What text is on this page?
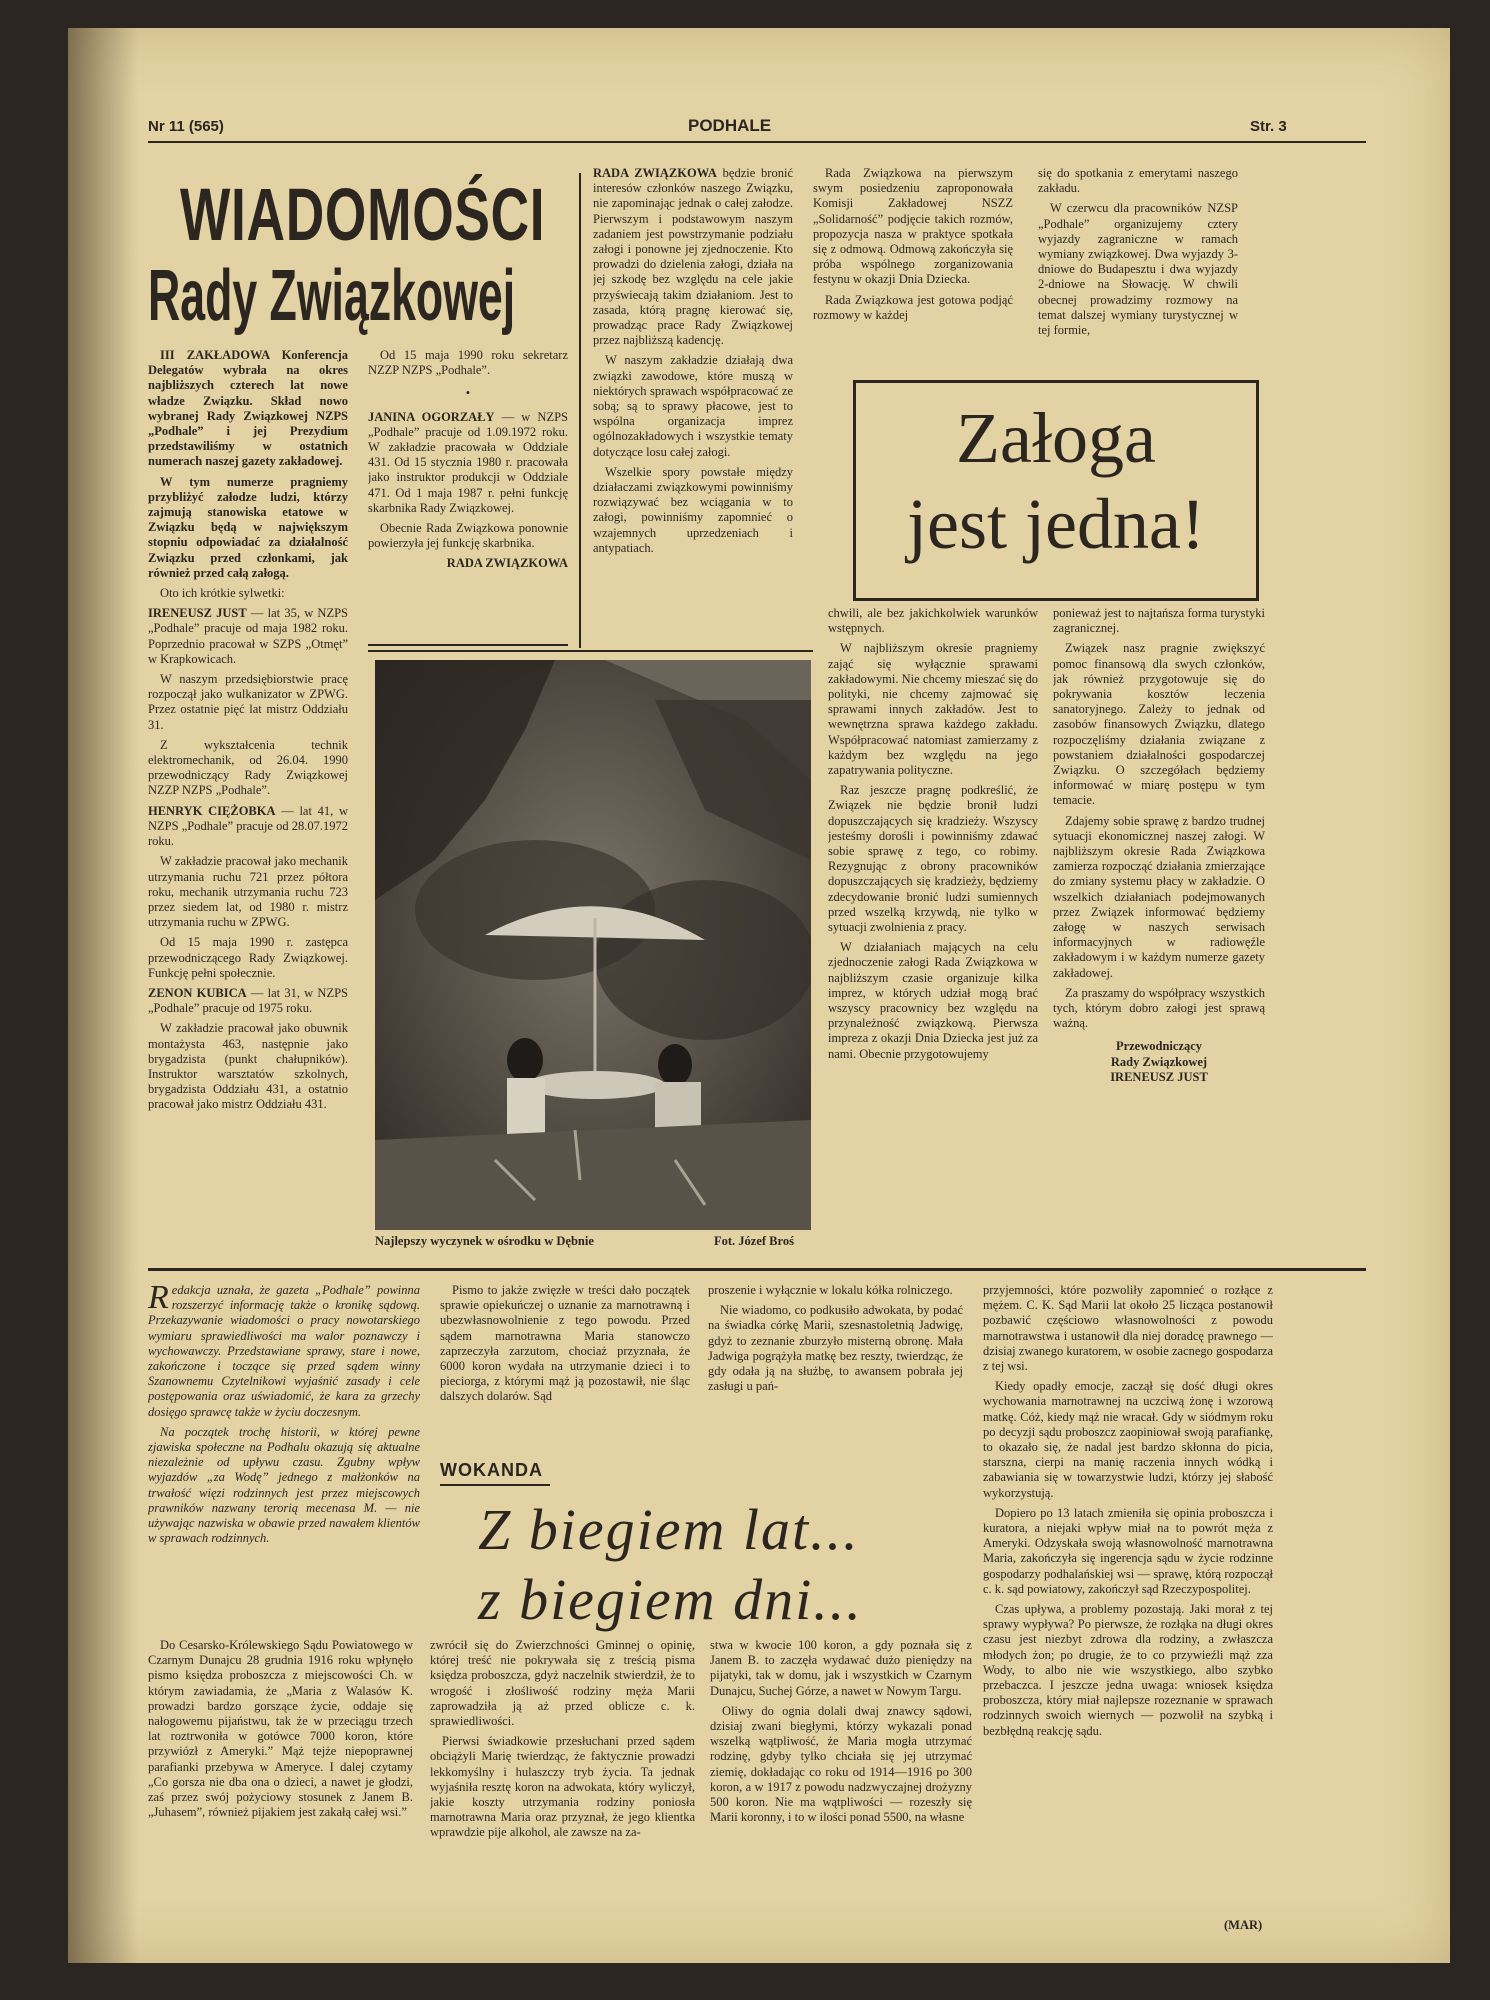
Nr 11 (565)	PODHALE	Str. 3
WIADOMOŚCI
Rady Związkowej

III ZAKŁADOWA Konferencja Delegatów wybrała na okres najbliższych czterech lat nowe władze Związku. Skład nowo wybranej Rady Związkowej NZPS „Podhale” i jej Prezydium przedstawiliśmy w ostatnich numerach naszej gazety zakładowej.

W tym numerze pragniemy przybliżyć załodze ludzi, którzy zajmują stanowiska etatowe w Związku będą w największym stopniu odpowiadać za działalność Związku przed członkami, jak również przed całą załogą.

Oto ich krótkie sylwetki:

IRENEUSZ JUST — lat 35, w NZPS „Podhale” pracuje od maja 1982 roku. Poprzednio pracował w SZPS „Otmęt” w Krapkowicach.

W naszym przedsiębiorstwie pracę rozpoczął jako wulkanizator w ZPWG. Przez ostatnie pięć lat mistrz Oddziału 31.

Z wykształcenia technik elektromechanik, od 26.04. 1990 przewodniczący Rady Związkowej NZZP NZPS „Podhale”.

HENRYK CIĘŻOBKA — lat 41, w NZPS „Podhale” pracuje od 28.07.1972 roku.

W zakładzie pracował jako mechanik utrzymania ruchu 721 przez półtora roku, mechanik utrzymania ruchu 723 przez siedem lat, od 1980 r. mistrz utrzymania ruchu w ZPWG.

Od 15 maja 1990 r. zastępca przewodniczącego Rady Związkowej. Funkcję pełni społecznie.

ZENON KUBICA — lat 31, w NZPS „Podhale” pracuje od 1975 roku.

W zakładzie pracował jako obuwnik montażysta 463, następnie jako brygadzista (punkt chałupników). Instruktor warsztatów szkolnych, brygadzista Oddziału 431, a ostatnio pracował jako mistrz Oddziału 431.

Od 15 maja 1990 roku sekretarz NZZP NZPS „Podhale”.

•

JANINA OGORZAŁY — w NZPS „Podhale” pracuje od 1.09.1972 roku. W zakładzie pracowała w Oddziale 431. Od 15 stycznia 1980 r. pracowała jako instruktor produkcji w Oddziale 471. Od 1 maja 1987 r. pełni funkcję skarbnika Rady Związkowej.

Obecnie Rada Związkowa ponownie powierzyła jej funkcję skarbnika.

RADA ZWIĄZKOWA

RADA ZWIĄZKOWA będzie bronić interesów członków naszego Związku, nie zapominając jednak o całej załodze. Pierwszym i podstawowym naszym zadaniem jest powstrzymanie podziału załogi i ponowne jej zjednoczenie. Kto prowadzi do dzielenia załogi, działa na jej szkodę bez względu na cele jakie przyświecają takim działaniom. Jest to zasada, którą pragnę kierować się, prowadząc prace Rady Związkowej przez najbliższą kadencję.

W naszym zakładzie działają dwa związki zawodowe, które muszą w niektórych sprawach współpracować ze sobą; są to sprawy płacowe, jest to wspólna organizacja imprez ogólnozakładowych i wszystkie tematy dotyczące losu całej załogi.

Wszelkie spory powstałe między działaczami związkowymi powinniśmy rozwiązywać bez wciągania w to załogi, powinniśmy zapomnieć o wzajemnych uprzedzeniach i antypatiach.

Rada Związkowa na pierwszym swym posiedzeniu zaproponowała Komisji Zakładowej NSZZ „Solidarność” podjęcie takich rozmów, propozycja nasza w praktyce spotkała się z odmową. Odmową zakończyła się próba wspólnego zorganizowania festynu w okazji Dnia Dziecka.

Rada Związkowa jest gotowa podjąć rozmowy w każdej

się do spotkania z emerytami naszego zakładu.

W czerwcu dla pracowników NZSP „Podhale” organizujemy cztery wyjazdy zagraniczne w ramach wymiany związkowej. Dwa wyjazdy 3-dniowe do Budapesztu i dwa wyjazdy 2-dniowe na Słowację. W chwili obecnej prowadzimy rozmowy na temat dalszej wymiany turystycznej w tej formie,

Załoga
jest jedna!
Najlepszy wyczynek w ośrodku w Dębnie	Fot. Józef Broś

chwili, ale bez jakichkolwiek warunków wstępnych.

W najbliższym okresie pragniemy zająć się wyłącznie sprawami zakładowymi. Nie chcemy mieszać się do polityki, nie chcemy zajmować się sprawami innych zakładów. Jest to wewnętrzna sprawa każdego zakładu. Współpracować natomiast zamierzamy z każdym bez względu na jego zapatrywania polityczne.

Raz jeszcze pragnę podkreślić, że Związek nie będzie bronił ludzi dopuszczających się kradzieży. Wszyscy jesteśmy dorośli i powinniśmy zdawać sobie sprawę z tego, co robimy. Rezygnując z obrony pracowników dopuszczających się kradzieży, będziemy zdecydowanie bronić ludzi sumiennych przed wszelką krzywdą, nie tylko w sytuacji zwolnienia z pracy.

W działaniach mających na celu zjednoczenie załogi Rada Związkowa w najbliższym czasie organizuje kilka imprez, w których udział mogą brać wszyscy pracownicy bez względu na przynależność związkową. Pierwsza impreza z okazji Dnia Dziecka jest już za nami. Obecnie przygotowujemy

ponieważ jest to najtańsza forma turystyki zagranicznej.

Związek nasz pragnie zwiększyć pomoc finansową dla swych członków, jak również przygotowuje się do pokrywania kosztów leczenia sanatoryjnego. Zależy to jednak od zasobów finansowych Związku, dlatego rozpoczęliśmy działania związane z powstaniem działalności gospodarczej Związku. O szczegółach będziemy informować w miarę postępu w tym temacie.

Zdajemy sobie sprawę z bardzo trudnej sytuacji ekonomicznej naszej załogi. W najbliższym okresie Rada Związkowa zamierza rozpocząć działania zmierzające do zmiany systemu płacy w zakładzie. O wszelkich działaniach podejmowanych przez Związek informować będziemy załogę w naszych serwisach informacyjnych w radiowęźle zakładowym i w każdym numerze gazety zakładowej.

Za praszamy do współpracy wszystkich tych, którym dobro załogi jest sprawą ważną.

Przewodniczący
Rady Związkowej
IRENEUSZ JUST

Redakcja uznała, że gazeta „Podhale” powinna rozszerzyć informację także o kronikę sądową. Przekazywanie wiadomości o pracy nowotarskiego wymiaru sprawiedliwości ma walor poznawczy i wychowawczy. Przedstawiane sprawy, stare i nowe, zakończone i toczące się przed sądem winny Szanownemu Czytelnikowi wyjaśnić zasady i cele postępowania oraz uświadomić, że kara za grzechy dosięgo sprawcę także w życiu doczesnym.

Na początek trochę historii, w której pewne zjawiska społeczne na Podhalu okazują się aktualne niezależnie od upływu czasu. Zgubny wpływ wyjazdów „za Wodę” jednego z małżonków na trwałość więzi rodzinnych jest przez miejscowych prawników nazwany terorią mecenasa M. — nie używając nazwiska w obawie przed nawałem klientów w sprawach rodzinnych.

Pismo to jakże zwięzłe w treści dało początek sprawie opiekuńczej o uznanie za marnotrawną i ubezwłasnowolnienie z tego powodu. Przed sądem marnotrawna Maria stanowczo zaprzeczyła zarzutom, chociaż przyznała, że 6000 koron wydała na utrzymanie dzieci i to pieciorga, z którymi mąż ją pozostawił, nie śląc dalszych dolarów. Sąd

proszenie i wyłącznie w lokalu kółka rolniczego.

Nie wiadomo, co podkusiło adwokata, by podać na świadka córkę Marii, szesnastoletnią Jadwigę, gdyż to zeznanie zburzyło misterną obronę. Mała Jadwiga pogrążyła matkę bez reszty, twierdząc, że gdy odała ją na służbę, to awansem pobrała jej zasługi u pań-

WOKANDA
Z biegiem lat...
z biegiem dni...

przyjemności, które pozwoliły zapomnieć o rozłące z mężem. C. K. Sąd Marii lat około 25 licząca postanowił pozbawić częściowo własnowolności z powodu marnotrawstwa i ustanowił dla niej doradcę prawnego — dzisiaj zwanego kuratorem, w osobie zacnego gospodarza z tej wsi.

Kiedy opadły emocje, zaczął się dość długi okres wychowania marnotrawnej na uczciwą żonę i wzorową matkę. Cóż, kiedy mąż nie wracał. Gdy w siódmym roku po decyzji sądu proboszcz zaopiniował swoją parafiankę, to okazało się, że nadal jest bardzo skłonna do picia, starszna, cierpi na manię raczenia innych wódką i zabawiania się w towarzystwie ludzi, którzy jej słabość wykorzystują.

Dopiero po 13 latach zmieniła się opinia proboszcza i kuratora, a niejaki wpływ miał na to powrót męża z Ameryki. Odzyskała swoją własnowolność marnotrawna Maria, zakończyła się ingerencja sądu w życie rodzinne gospodarzy podhalańskiej wsi — sprawę, którą rozpoczął c. k. sąd powiatowy, zakończył sąd Rzeczypospolitej.

Czas upływa, a problemy pozostają. Jaki morał z tej sprawy wypływa? Po pierwsze, że rozłąka na długi okres czasu jest niezbyt zdrowa dla rodziny, a zwłaszcza młodych żon; po drugie, że to co przywieźli mąż zza Wody, to albo nie wie wszystkiego, albo szybko przebaczca. I jeszcze jedna uwaga: wniosek księdza proboszcza, który miał najlepsze rozeznanie w sprawach rodzinnych swoich wiernych — pozwolił na szybką i bezbłędną reakcję sądu.

(MAR)

Do Cesarsko-Królewskiego Sądu Powiatowego w Czarnym Dunajcu 28 grudnia 1916 roku wpłynęło pismo księdza proboszcza z miejscowości Ch. w którym zawiadamia, że „Maria z Walasów K. prowadzi bardzo gorszące życie, oddaje się nałogowemu pijaństwu, tak że w przeciągu trzech lat roztrwoniła w gotówce 7000 koron, które przywiózł z Ameryki.” Mąż tejże niepoprawnej parafianki przebywa w Ameryce. I dalej czytamy „Co gorsza nie dba ona o dzieci, a nawet je głodzi, zaś przez swój pożyciowy stosunek z Janem B. „Juhasem”, również pijakiem jest zakałą całej wsi.”

zwrócił się do Zwierzchności Gminnej o opinię, której treść nie pokrywała się z treścią pisma księdza proboszcza, gdyż naczelnik stwierdził, że to wrogość i złośliwość rodziny męża Marii zaprowadziła ją aż przed oblicze c. k. sprawiedliwości.

Pierwsi świadkowie przesłuchani przed sądem obciążyli Marię twierdząc, że faktycznie prowadzi lekkomyślny i hulaszczy tryb życia. Ta jednak wyjaśniła resztę koron na adwokata, który wyliczył, jakie koszty utrzymania rodziny poniosła marnotrawna Maria oraz przyznał, że jego klientka wprawdzie pije alkohol, ale zawsze na za-

stwa w kwocie 100 koron, a gdy poznała się z Janem B. to zaczęła wydawać dużo pieniędzy na pijatyki, tak w domu, jak i wszystkich w Czarnym Dunajcu, Suchej Górze, a nawet w Nowym Targu.

Oliwy do ognia dolali dwaj znawcy sądowi, dzisiaj zwani biegłymi, którzy wykazali ponad wszelką wątpliwość, że Maria mogła utrzymać rodzinę, gdyby tylko chciała się jej utrzymać ziemię, dokładając co roku od 1914—1916 po 300 koron, a w 1917 z powodu nadzwyczajnej drożyzny 500 koron. Nie ma wątpliwości — rozeszły się Marii koronny, i to w ilości ponad 5500, na własne
